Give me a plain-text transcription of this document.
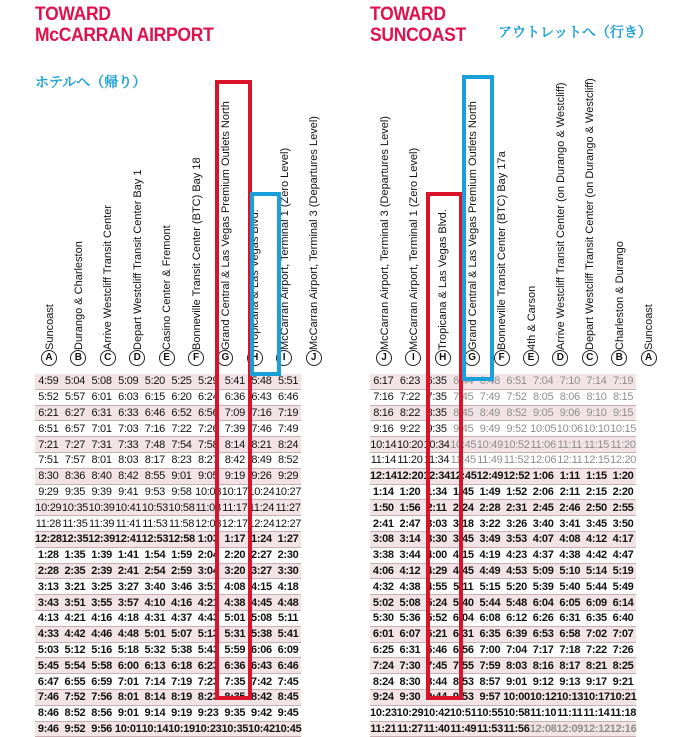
TOWARD
McCARRAN AIRPORT
ホテルへ（帰り）
Suncoast
A
Durango & Charleston
B
Arrive Westcliff Transit Center
C
Depart Westcliff Transit Center Bay 1
D
Casino Center & Fremont
E
Bonneville Transit Center (BTC) Bay 18
F
Grand Central & Las Vegas Premium Outlets North
G
Tropicana & Las Vegas Blvd.
H
McCarran Airport, Terminal 1 (Zero Level)
I
McCarran Airport, Terminal 3 (Departures Level)
J
4:59	5:04	5:08	5:09	5:20	5:25	5:29	5:41	5:48	5:51
5:52	5:57	6:01	6:03	6:15	6:20	6:24	6:36	6:43	6:46
6:21	6:27	6:31	6:33	6:46	6:52	6:56	7:09	7:16	7:19
6:51	6:57	7:01	7:03	7:16	7:22	7:26	7:39	7:46	7:49
7:21	7:27	7:31	7:33	7:48	7:54	7:58	8:14	8:21	8:24
7:51	7:57	8:01	8:03	8:17	8:23	8:27	8:42	8:49	8:52
8:30	8:36	8:40	8:42	8:55	9:01	9:05	9:19	9:26	9:29
9:29	9:35	9:39	9:41	9:53	9:58	10:03	10:17	10:24	10:27
10:29	10:35	10:39	10:41	10:53	10:58	11:03	11:17	11:24	11:27
11:28	11:35	11:39	11:41	11:53	11:58	12:03	12:17	12:24	12:27
12:28	12:35	12:39	12:41	12:53	12:58	1:03	1:17	1:24	1:27
1:28	1:35	1:39	1:41	1:54	1:59	2:04	2:20	2:27	2:30
2:28	2:35	2:39	2:41	2:54	2:59	3:04	3:20	3:27	3:30
3:13	3:21	3:25	3:27	3:40	3:46	3:51	4:08	4:15	4:18
3:43	3:51	3:55	3:57	4:10	4:16	4:21	4:38	4:45	4:48
4:13	4:21	4:16	4:18	4:31	4:37	4:43	5:01	5:08	5:11
4:33	4:42	4:46	4:48	5:01	5:07	5:13	5:31	5:38	5:41
5:03	5:12	5:16	5:18	5:32	5:38	5:43	5:59	6:06	6:09
5:45	5:54	5:58	6:00	6:13	6:18	6:23	6:36	6:43	6:46
6:47	6:55	6:59	7:01	7:14	7:19	7:23	7:35	7:42	7:45
7:46	7:52	7:56	8:01	8:14	8:19	8:23	8:35	8:42	8:45
8:46	8:52	8:56	9:01	9:14	9:19	9:23	9:35	9:42	9:45
9:46	9:52	9:56	10:01	10:14	10:19	10:23	10:35	10:42	10:45
TOWARD
SUNCOAST アウトレットへ（行き）
McCarran Airport, Terminal 3 (Departures Level)
J
McCarran Airport, Terminal 1 (Zero Level)
I
Tropicana & Las Vegas Blvd.
H
Grand Central & Las Vegas Premium Outlets North
G
Bonneville Transit Center (BTC) Bay 17a
F
4th & Carson
E
Arrive Westcliff Transit Center (on Durango & Westcliff)
D
Depart Westcliff Transit Center (on Durango & Westcliff)
C
Charleston & Durango
B
Suncoast
A
6:17	6:23	6:35	6:44	6:48	6:51	7:04	7:10	7:14	7:19
7:16	7:22	7:35	7:45	7:49	7:52	8:05	8:06	8:10	8:15
8:16	8:22	8:35	8:45	8:49	8:52	9:05	9:06	9:10	9:15
9:16	9:22	9:35	9:45	9:49	9:52	10:05	10:06	10:10	10:15
10:14	10:20	10:34	10:45	10:49	10:52	11:06	11:11	11:15	11:20
11:14	11:20	11:34	11:45	11:49	11:52	12:06	12:11	12:15	12:20
12:14	12:20	12:34	12:45	12:49	12:52	1:06	1:11	1:15	1:20
1:14	1:20	1:34	1:45	1:49	1:52	2:06	2:11	2:15	2:20
1:50	1:56	2:11	2:24	2:28	2:31	2:45	2:46	2:50	2:55
2:41	2:47	3:03	3:18	3:22	3:26	3:40	3:41	3:45	3:50
3:08	3:14	3:30	3:45	3:49	3:53	4:07	4:08	4:12	4:17
3:38	3:44	4:00	4:15	4:19	4:23	4:37	4:38	4:42	4:47
4:06	4:12	4:29	4:45	4:49	4:53	5:09	5:10	5:14	5:19
4:32	4:38	4:55	5:11	5:15	5:20	5:39	5:40	5:44	5:49
5:02	5:08	5:24	5:40	5:44	5:48	6:04	6:05	6:09	6:14
5:30	5:36	5:52	6:04	6:08	6:12	6:26	6:31	6:35	6:40
6:01	6:07	6:21	6:31	6:35	6:39	6:53	6:58	7:02	7:07
6:25	6:31	6:46	6:56	7:00	7:04	7:17	7:18	7:22	7:26
7:24	7:30	7:45	7:55	7:59	8:03	8:16	8:17	8:21	8:25
8:24	8:30	8:44	8:53	8:57	9:01	9:12	9:13	9:17	9:21
9:24	9:30	9:44	9:53	9:57	10:00	10:12	10:13	10:17	10:21
10:23	10:29	10:42	10:51	10:55	10:58	11:10	11:11	11:14	11:18
11:21	11:27	11:40	11:49	11:53	11:56	12:08	12:09	12:12	12:16
